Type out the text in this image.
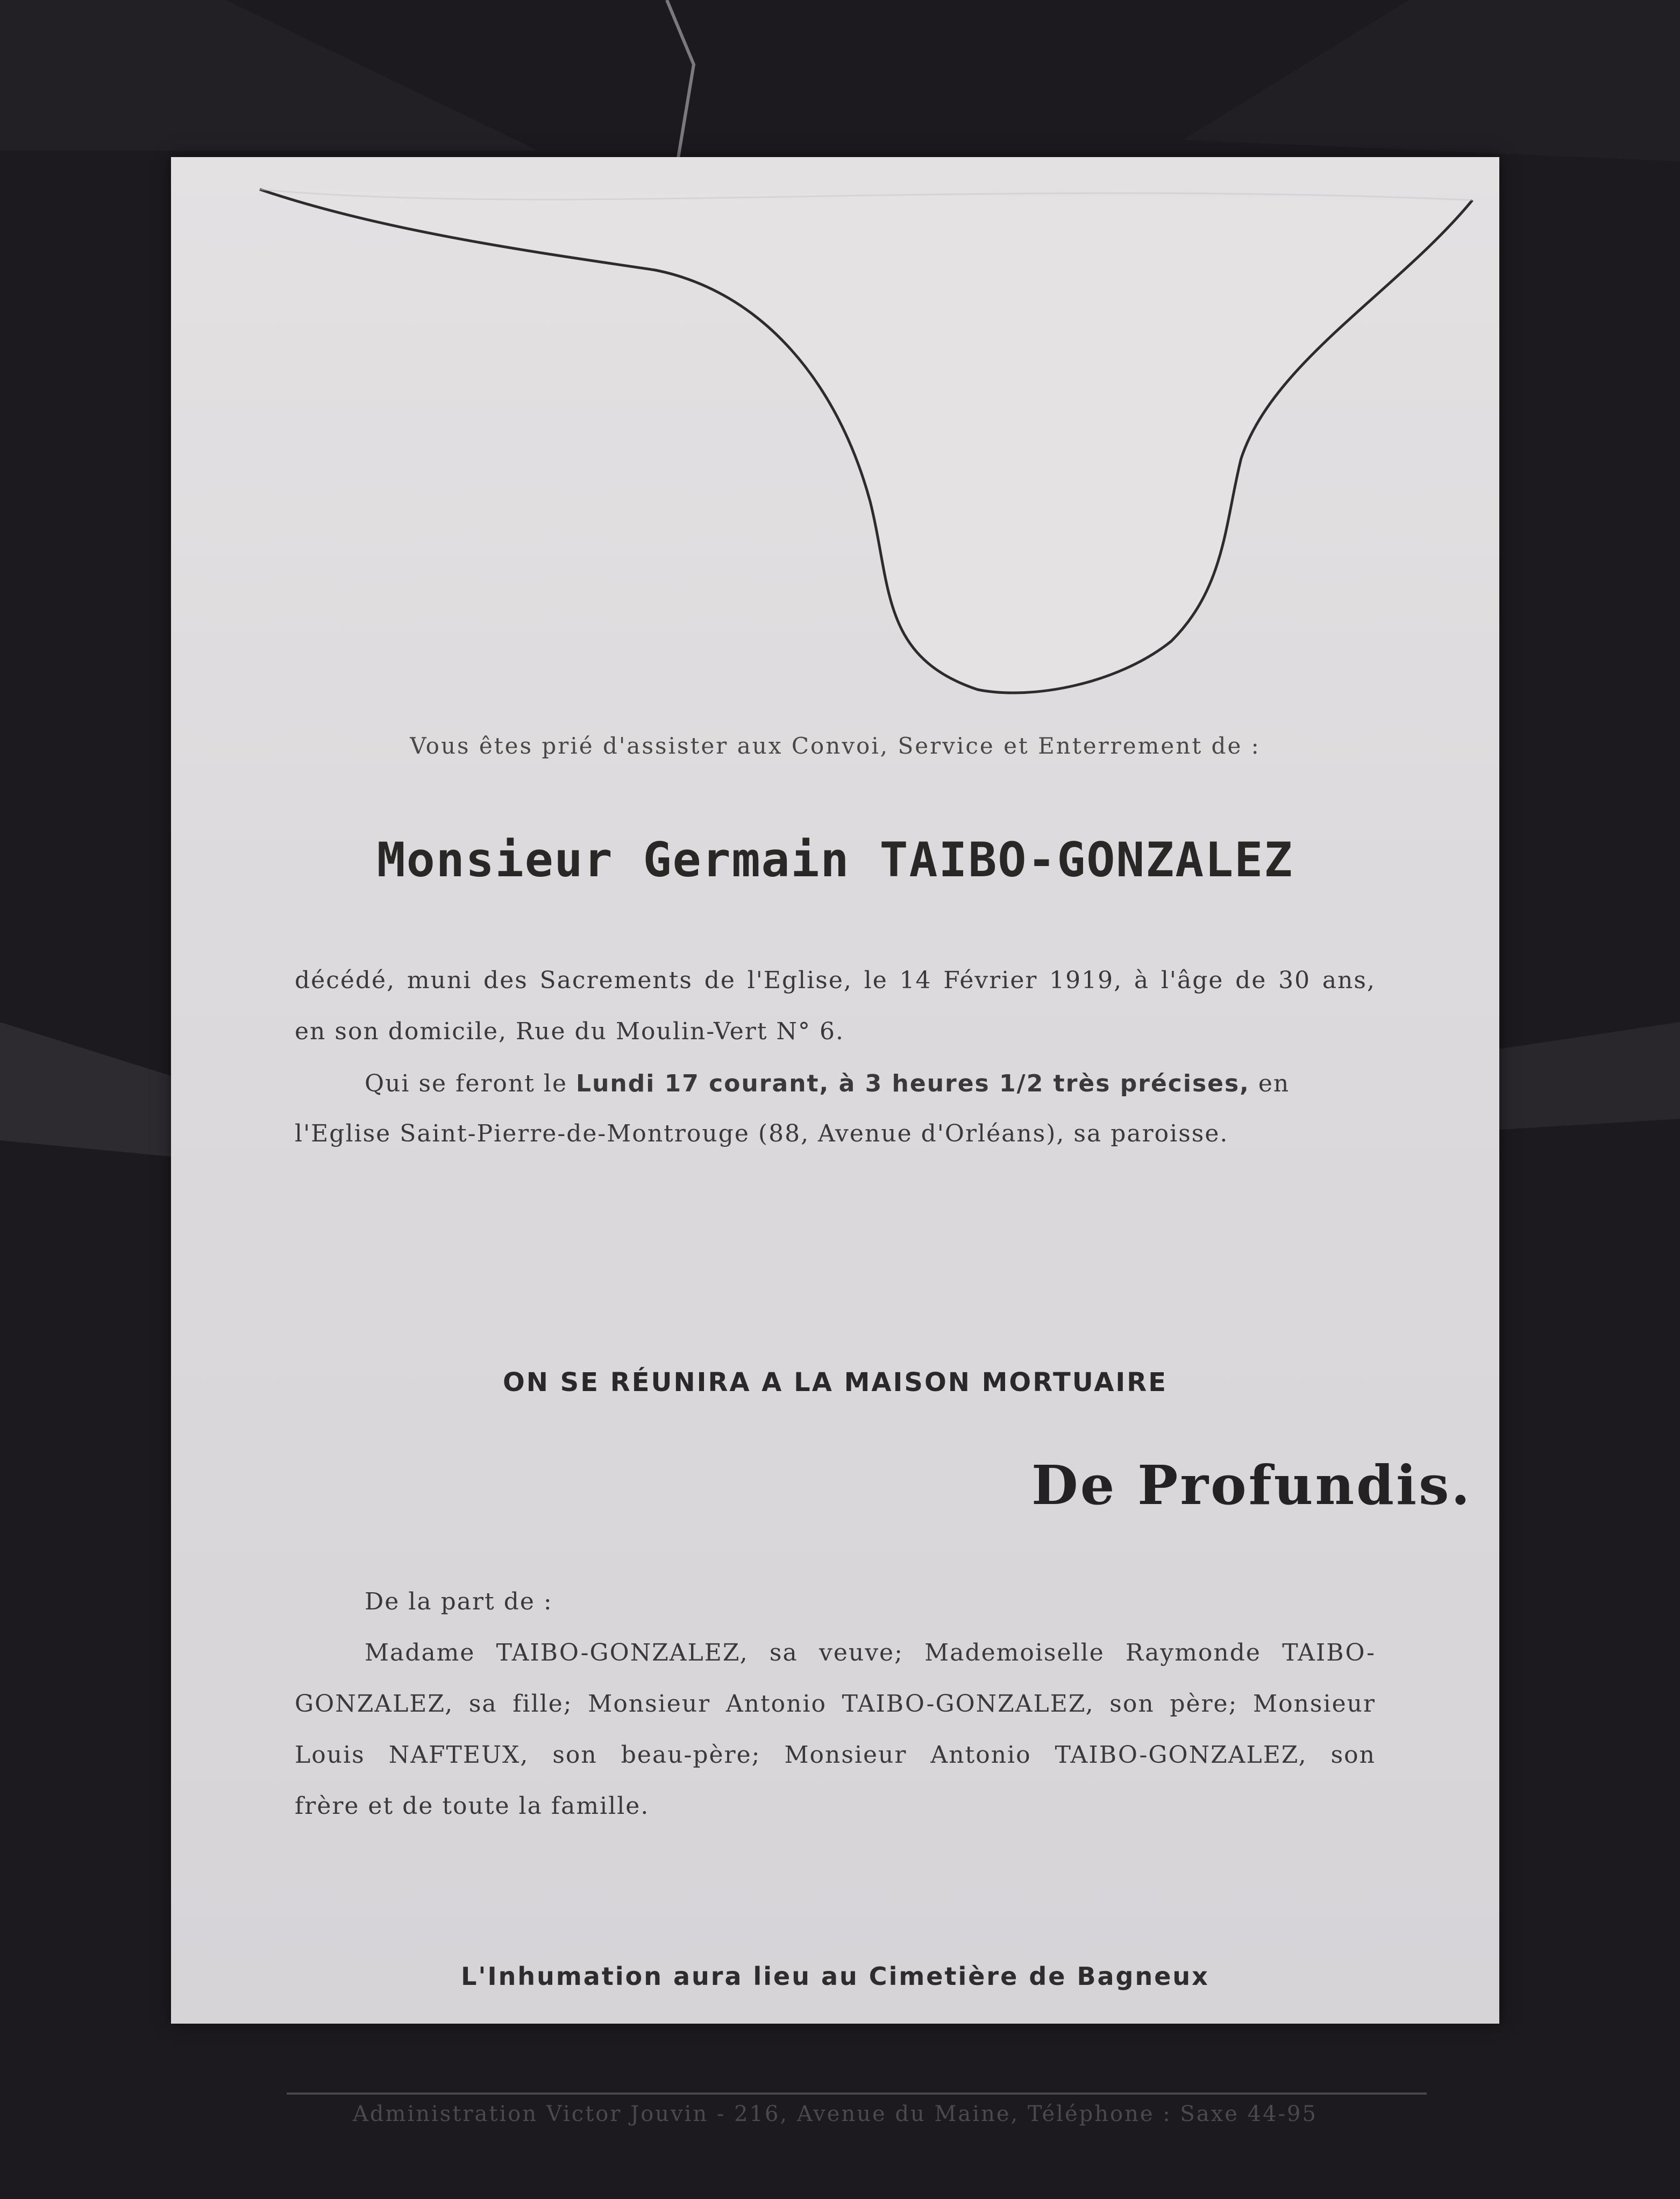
Vous êtes prié d'assister aux Convoi, Service et Enterrement de :
Monsieur Germain TAIBO-GONZALEZ
décédé, muni des Sacrements de l'Eglise, le 14 Février 1919, à l'âge de 30 ans,
en son domicile, Rue du Moulin-Vert N° 6.
Qui se feront le Lundi 17 courant, à 3 heures 1/2 très précises, en
l'Eglise Saint-Pierre-de-Montrouge (88, Avenue d'Orléans), sa paroisse.
ON SE RÉUNIRA A LA MAISON MORTUAIRE
De Profundis.
De la part de :
Madame TAIBO-GONZALEZ, sa veuve; Mademoiselle Raymonde TAIBO-
GONZALEZ, sa fille; Monsieur Antonio TAIBO-GONZALEZ, son père; Monsieur
Louis NAFTEUX, son beau-père; Monsieur Antonio TAIBO-GONZALEZ, son
frère et de toute la famille.
L'Inhumation aura lieu au Cimetière de Bagneux
Administration Victor Jouvin - 216, Avenue du Maine, Téléphone : Saxe 44-95
